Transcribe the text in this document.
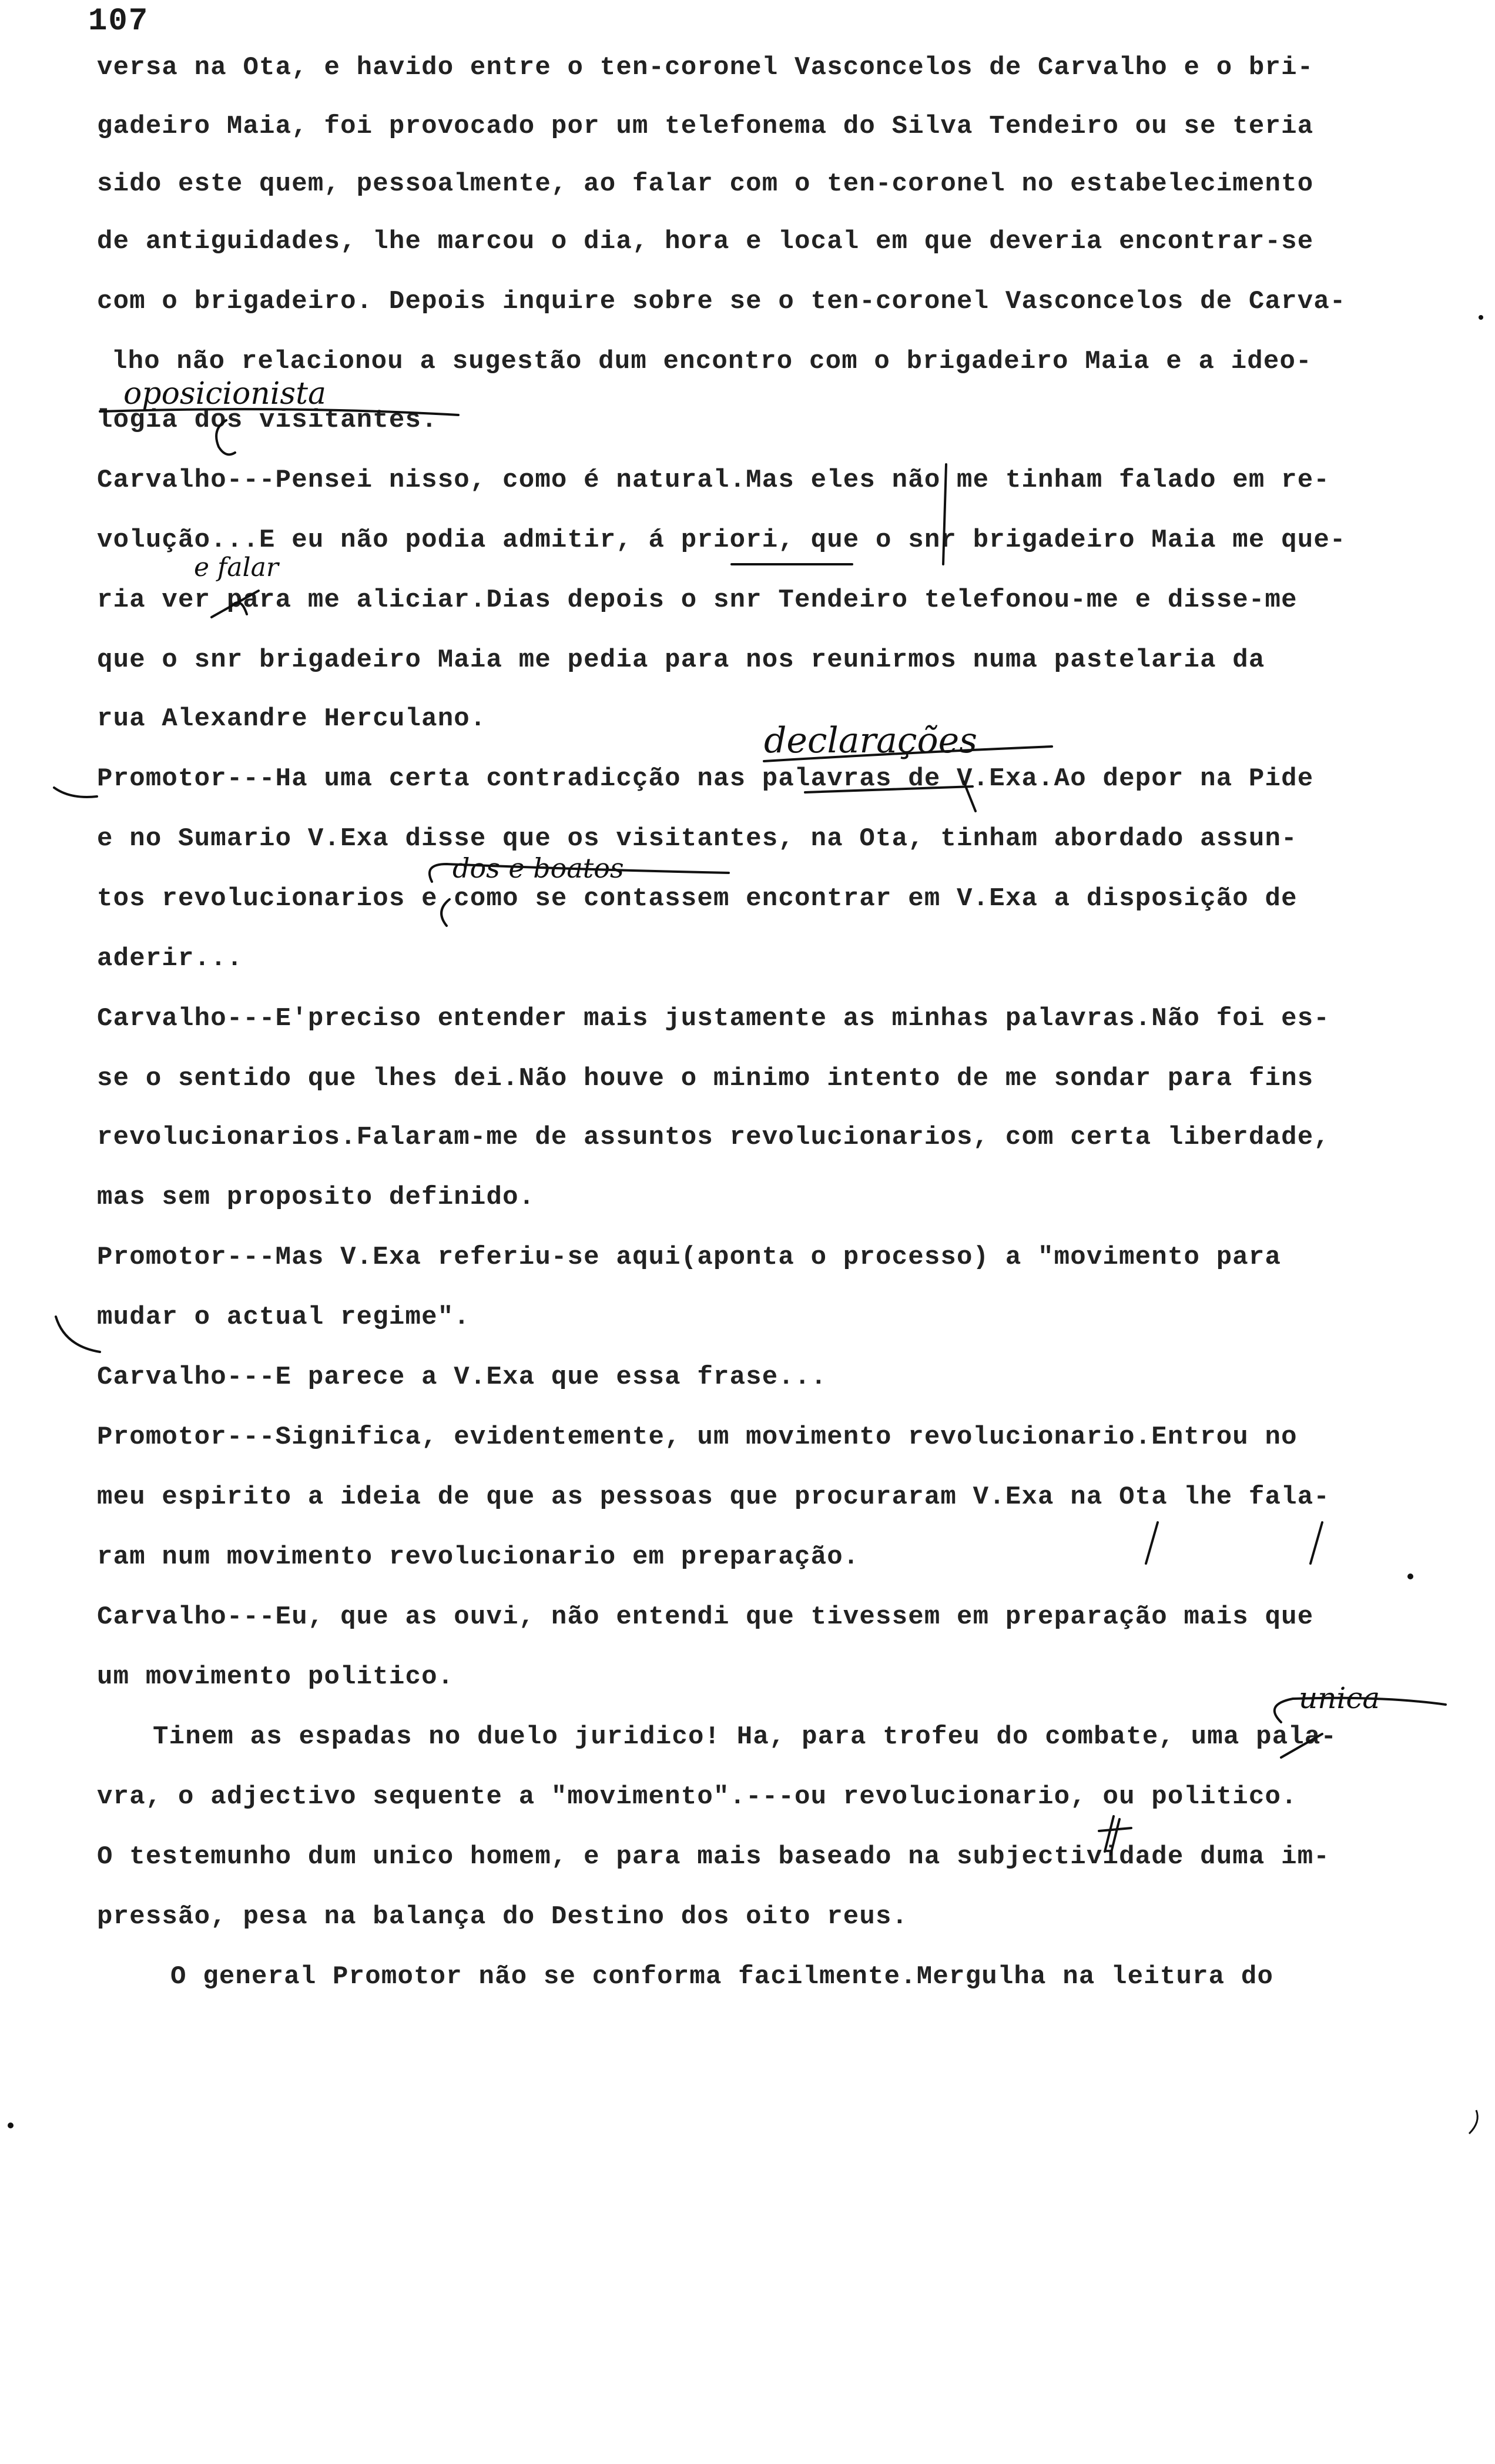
107
versa na Ota, e havido entre o ten-coronel Vasconcelos de Carvalho e o bri-
gadeiro Maia, foi provocado por um telefonema do Silva Tendeiro ou se teria
sido este quem, pessoalmente, ao falar com o ten-coronel no estabelecimento
de antiguidades, lhe marcou o dia, hora e local em que deveria encontrar-se
com o brigadeiro. Depois inquire sobre se o ten-coronel Vasconcelos de Carva-
lho não relacionou a sugestão dum encontro com o brigadeiro Maia e a ideo-
logia dos visitantes.
Carvalho---Pensei nisso, como é natural.Mas eles não me tinham falado em re-
volução...E eu não podia admitir, á priori, que o snr brigadeiro Maia me que-
ria ver para me aliciar.Dias depois o snr Tendeiro telefonou-me e disse-me
que o snr brigadeiro Maia me pedia para nos reunirmos numa pastelaria da
rua Alexandre Herculano.
Promotor---Ha uma certa contradicção nas palavras de V.Exa.Ao depor na Pide
e no Sumario V.Exa disse que os visitantes, na Ota, tinham abordado assun-
tos revolucionarios e como se contassem encontrar em V.Exa a disposição de
aderir...
Carvalho---E'preciso entender mais justamente as minhas palavras.Não foi es-
se o sentido que lhes dei.Não houve o minimo intento de me sondar para fins
revolucionarios.Falaram-me de assuntos revolucionarios, com certa liberdade,
mas sem proposito definido.
Promotor---Mas V.Exa referiu-se aqui(aponta o processo) a "movimento para
mudar o actual regime".
Carvalho---E parece a V.Exa que essa frase...
Promotor---Significa, evidentemente, um movimento revolucionario.Entrou no
meu espirito a ideia de que as pessoas que procuraram V.Exa na Ota lhe fala-
ram num movimento revolucionario em preparação.
Carvalho---Eu, que as ouvi, não entendi que tivessem em preparação mais que
um movimento politico.
Tinem as espadas no duelo juridico! Ha, para trofeu do combate, uma pala-
vra, o adjectivo sequente a "movimento".---ou revolucionario, ou politico.
O testemunho dum unico homem, e para mais baseado na subjectividade duma im-
pressão, pesa na balança do Destino dos oito reus.
O general Promotor não se conforma facilmente.Mergulha na leitura do
oposicionista
e falar
declarações
dos e boatos
unica
